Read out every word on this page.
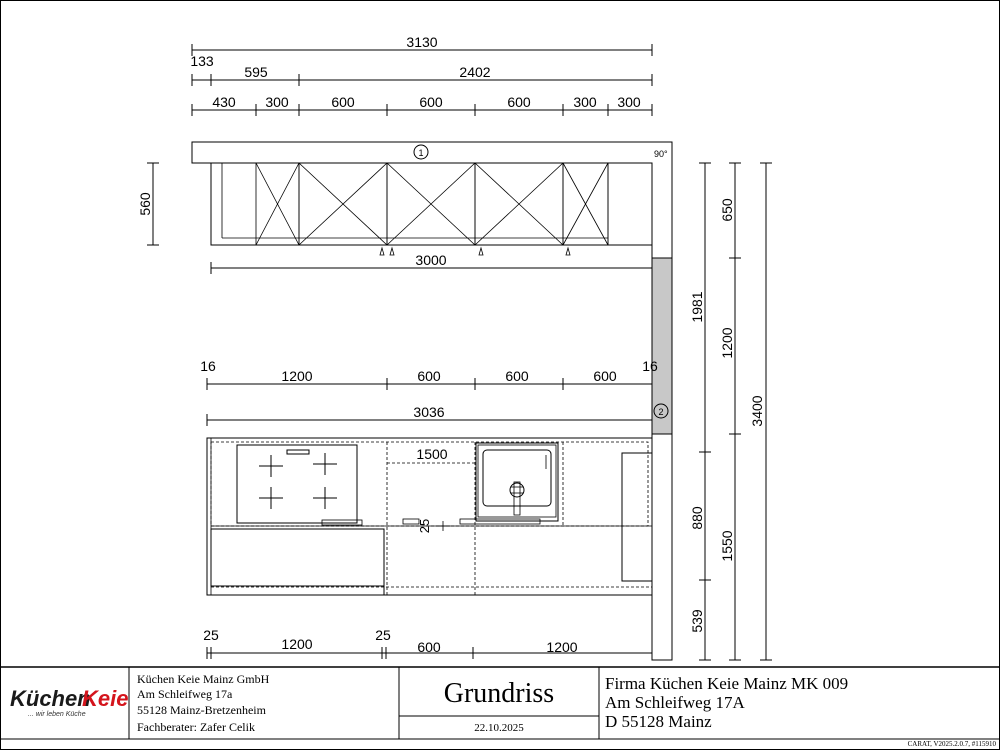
3130
133
595	2402
430 300	600	600	600	300 300
90°
1
3000
560
2
650
1981
1200
3400
880
1550
539
16	16
1200	600	600	600
3036
1500
25
25
1200
25
600	1200
Küchen
Keie
... wir leben Küche
Küchen Keie Mainz GmbH
Am Schleifweg 17a
55128 Mainz-Bretzenheim
Fachberater: Zafer Celik
Grundriss
22.10.2025
Firma Küchen Keie Mainz MK 009
Am Schleifweg 17A
D 55128 Mainz
CARAT, V2025.2.0.7, #115910
